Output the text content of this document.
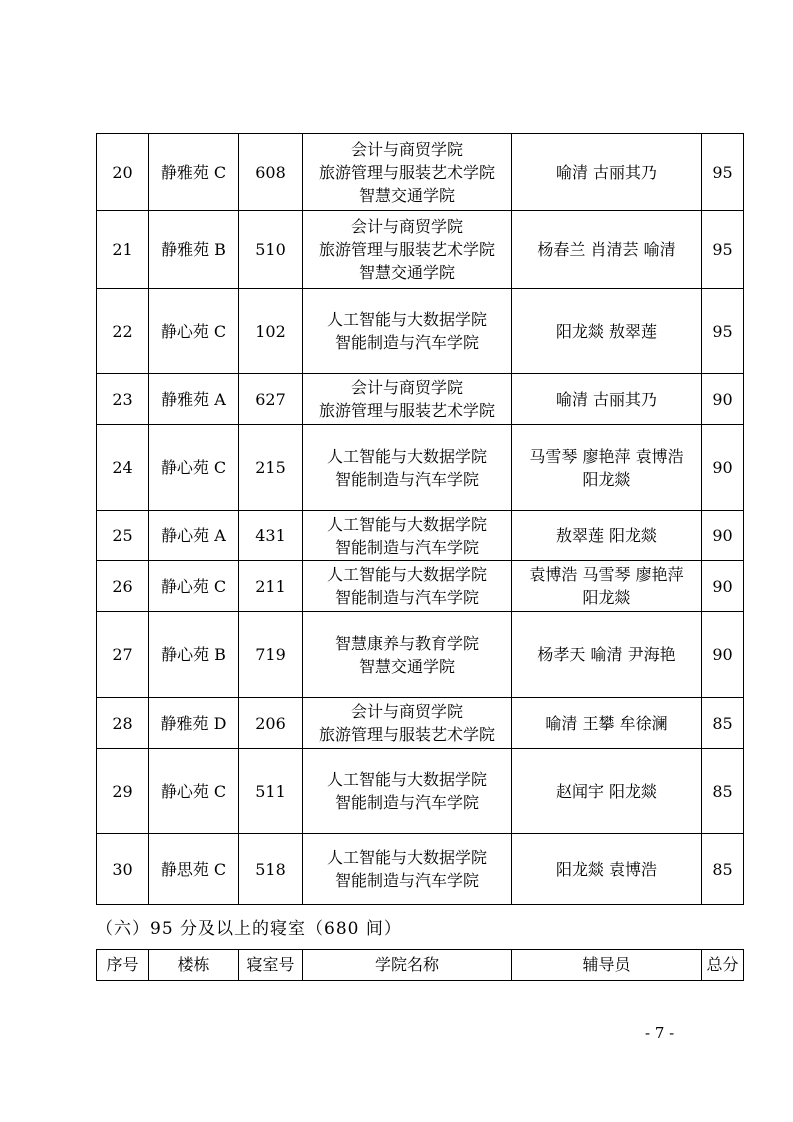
20	静雅苑 C	608	会计与商贸学院
旅游管理与服装艺术学院
智慧交通学院	喻清 古丽其乃	95
21	静雅苑 B	510	会计与商贸学院
旅游管理与服装艺术学院
智慧交通学院	杨春兰 肖清芸 喻清	95
22	静心苑 C	102	人工智能与大数据学院
智能制造与汽车学院	阳龙燚 敖翠莲	95
23	静雅苑 A	627	会计与商贸学院
旅游管理与服装艺术学院	喻清 古丽其乃	90
24	静心苑 C	215	人工智能与大数据学院
智能制造与汽车学院	马雪琴 廖艳萍 袁博浩
阳龙燚	90
25	静心苑 A	431	人工智能与大数据学院
智能制造与汽车学院	敖翠莲 阳龙燚	90
26	静心苑 C	211	人工智能与大数据学院
智能制造与汽车学院	袁博浩 马雪琴 廖艳萍
阳龙燚	90
27	静心苑 B	719	智慧康养与教育学院
智慧交通学院	杨孝天 喻清 尹海艳	90
28	静雅苑 D	206	会计与商贸学院
旅游管理与服装艺术学院	喻清 王攀 牟徐澜	85
29	静心苑 C	511	人工智能与大数据学院
智能制造与汽车学院	赵闻宇 阳龙燚	85
30	静思苑 C	518	人工智能与大数据学院
智能制造与汽车学院	阳龙燚 袁博浩	85
（六）95 分及以上的寝室（680 间）
序号	楼栋	寝室号	学院名称	辅导员	总分
- 7 -
